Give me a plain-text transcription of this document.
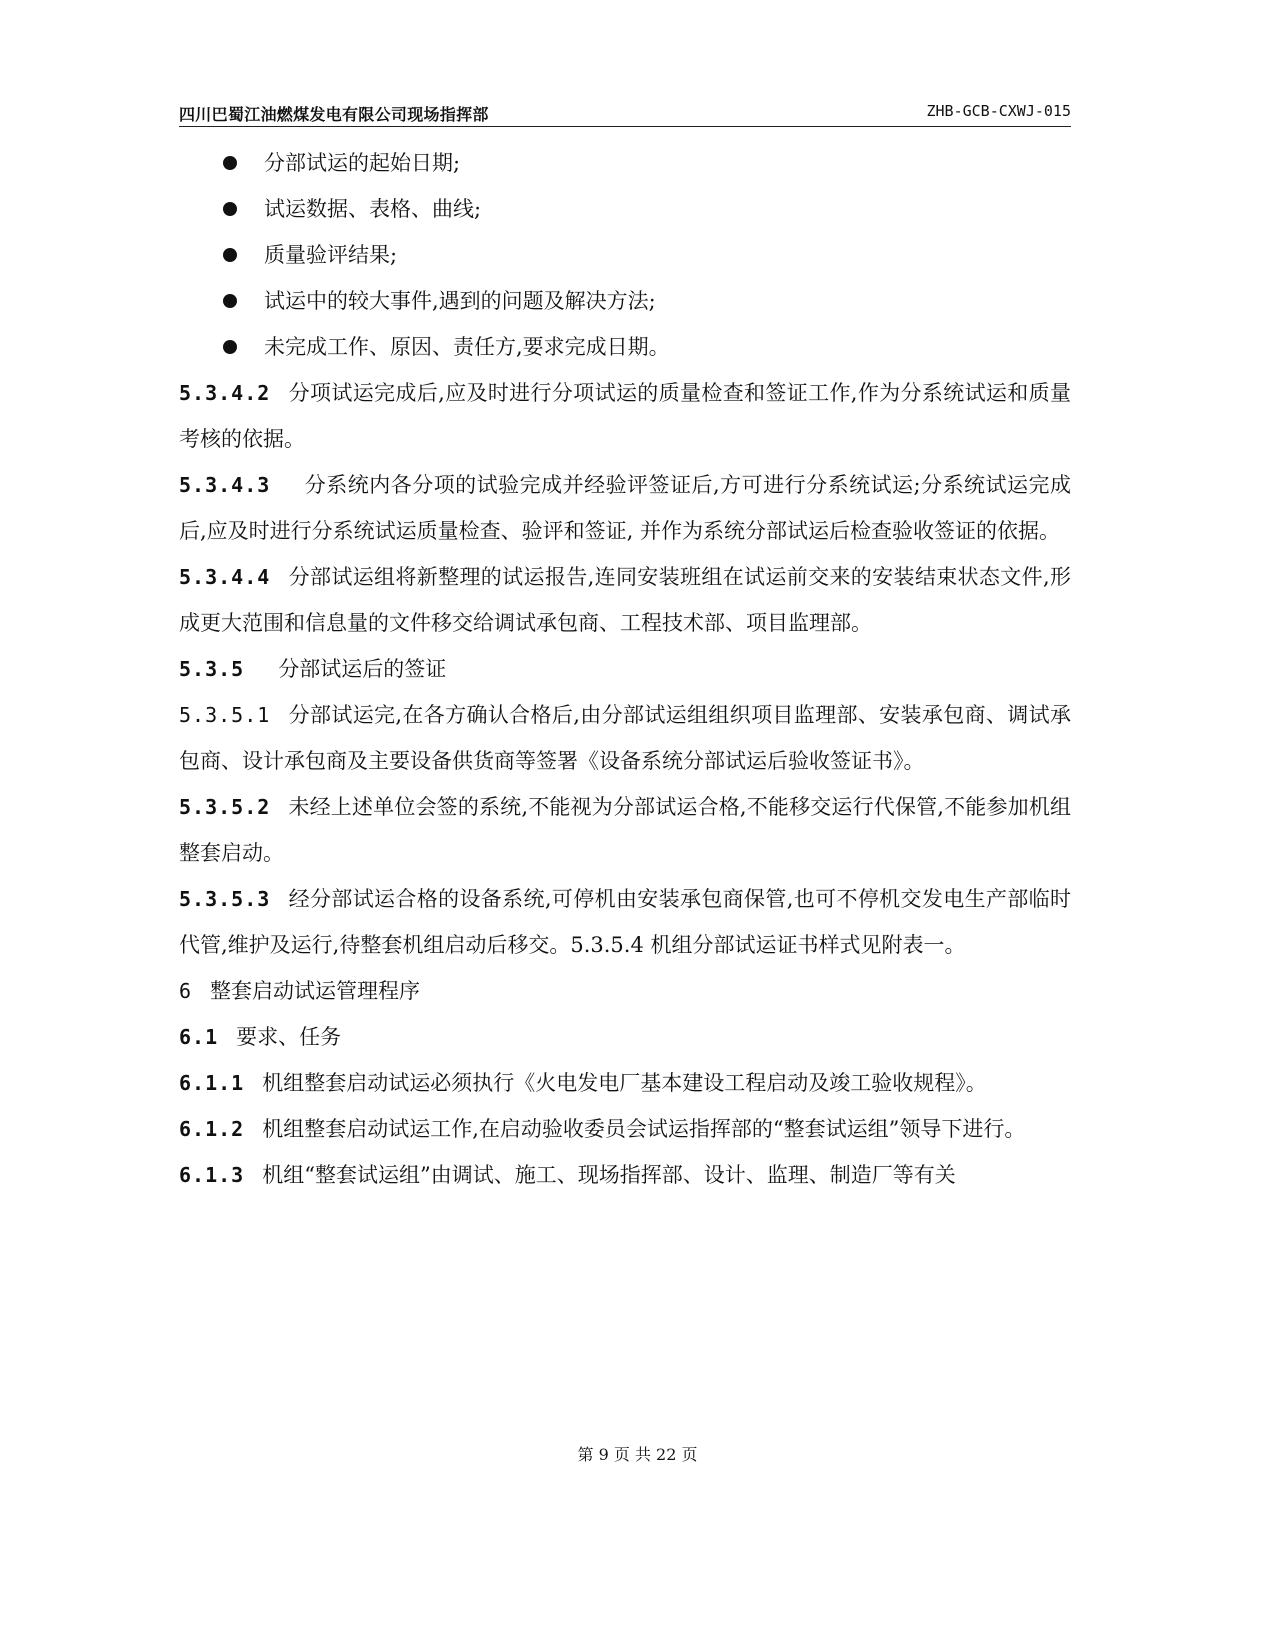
四川巴蜀江油燃煤发电有限公司现场指挥部	ZHB-GCB-CXWJ-015
分部试运的起始日期;
试运数据、表格、曲线;
质量验评结果;
试运中的较大事件,遇到的问题及解决方法;
未完成工作、原因、责任方,要求完成日期。

5.3.4.2 分项试运完成后,应及时进行分项试运的质量检查和签证工作,作为分系统试运和质量考核的依据。

5.3.4.3 分系统内各分项的试验完成并经验评签证后,方可进行分系统试运;分系统试运完成后,应及时进行分系统试运质量检查、验评和签证, 并作为系统分部试运后检查验收签证的依据。

5.3.4.4 分部试运组将新整理的试运报告,连同安装班组在试运前交来的安装结束状态文件,形成更大范围和信息量的文件移交给调试承包商、工程技术部、项目监理部。

5.3.5 分部试运后的签证

5.3.5.1 分部试运完,在各方确认合格后,由分部试运组组织项目监理部、安装承包商、调试承包商、设计承包商及主要设备供货商等签署《设备系统分部试运后验收签证书》。

5.3.5.2 未经上述单位会签的系统,不能视为分部试运合格,不能移交运行代保管,不能参加机组整套启动。

5.3.5.3 经分部试运合格的设备系统,可停机由安装承包商保管,也可不停机交发电生产部临时代管,维护及运行,待整套机组启动后移交。5.3.5.4 机组分部试运证书样式见附表一。

6 整套启动试运管理程序

6.1 要求、任务

6.1.1 机组整套启动试运必须执行《火电发电厂基本建设工程启动及竣工验收规程》。

6.1.2 机组整套启动试运工作,在启动验收委员会试运指挥部的“整套试运组”领导下进行。

6.1.3 机组“整套试运组”由调试、施工、现场指挥部、设计、监理、制造厂等有关

第 9 页 共 22 页
